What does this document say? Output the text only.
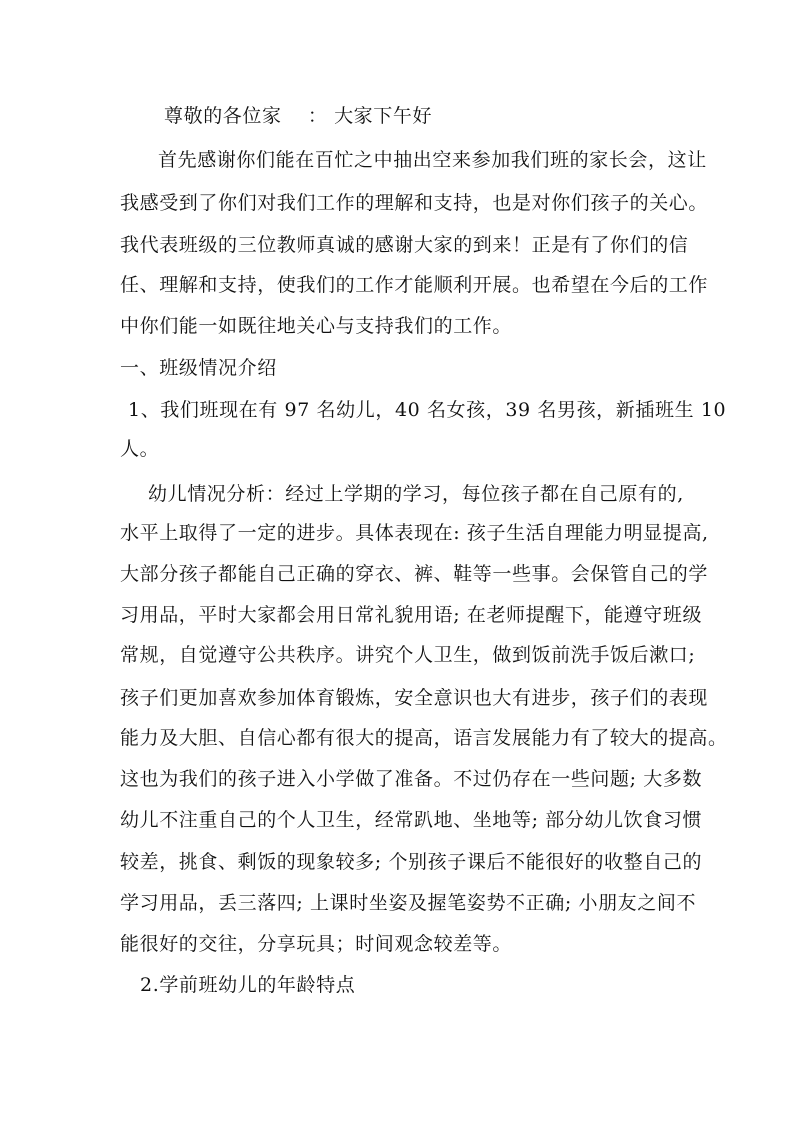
尊敬的各位家　 ： 大家下午好
首先感谢你们能在百忙之中抽出空来参加我们班的家长会，这让
我感受到了你们对我们工作的理解和支持，也是对你们孩子的关心。
我代表班级的三位教师真诚的感谢大家的到来！正是有了你们的信
任、理解和支持，使我们的工作才能顺利开展。也希望在今后的工作
中你们能一如既往地关心与支持我们的工作。
一、班级情况介绍
1、我们班现在有 97 名幼儿，40 名女孩，39 名男孩，新插班生 10
人。
幼儿情况分析：经过上学期的学习，每位孩子都在自己原有的,
水平上取得了一定的进步。具体表现在: 孩子生活自理能力明显提高,
大部分孩子都能自己正确的穿衣、裤、鞋等一些事。会保管自己的学
习用品，平时大家都会用日常礼貌用语; 在老师提醒下，能遵守班级
常规，自觉遵守公共秩序。讲究个人卫生，做到饭前洗手饭后漱口;
孩子们更加喜欢参加体育锻炼，安全意识也大有进步，孩子们的表现
能力及大胆、自信心都有很大的提高，语言发展能力有了较大的提高。
这也为我们的孩子进入小学做了准备。不过仍存在一些问题; 大多数
幼儿不注重自己的个人卫生，经常趴地、坐地等; 部分幼儿饮食习惯
较差，挑食、剩饭的现象较多; 个别孩子课后不能很好的收整自己的
学习用品，丢三落四; 上课时坐姿及握笔姿势不正确; 小朋友之间不
能很好的交往，分享玩具；时间观念较差等。
2.学前班幼儿的年龄特点
